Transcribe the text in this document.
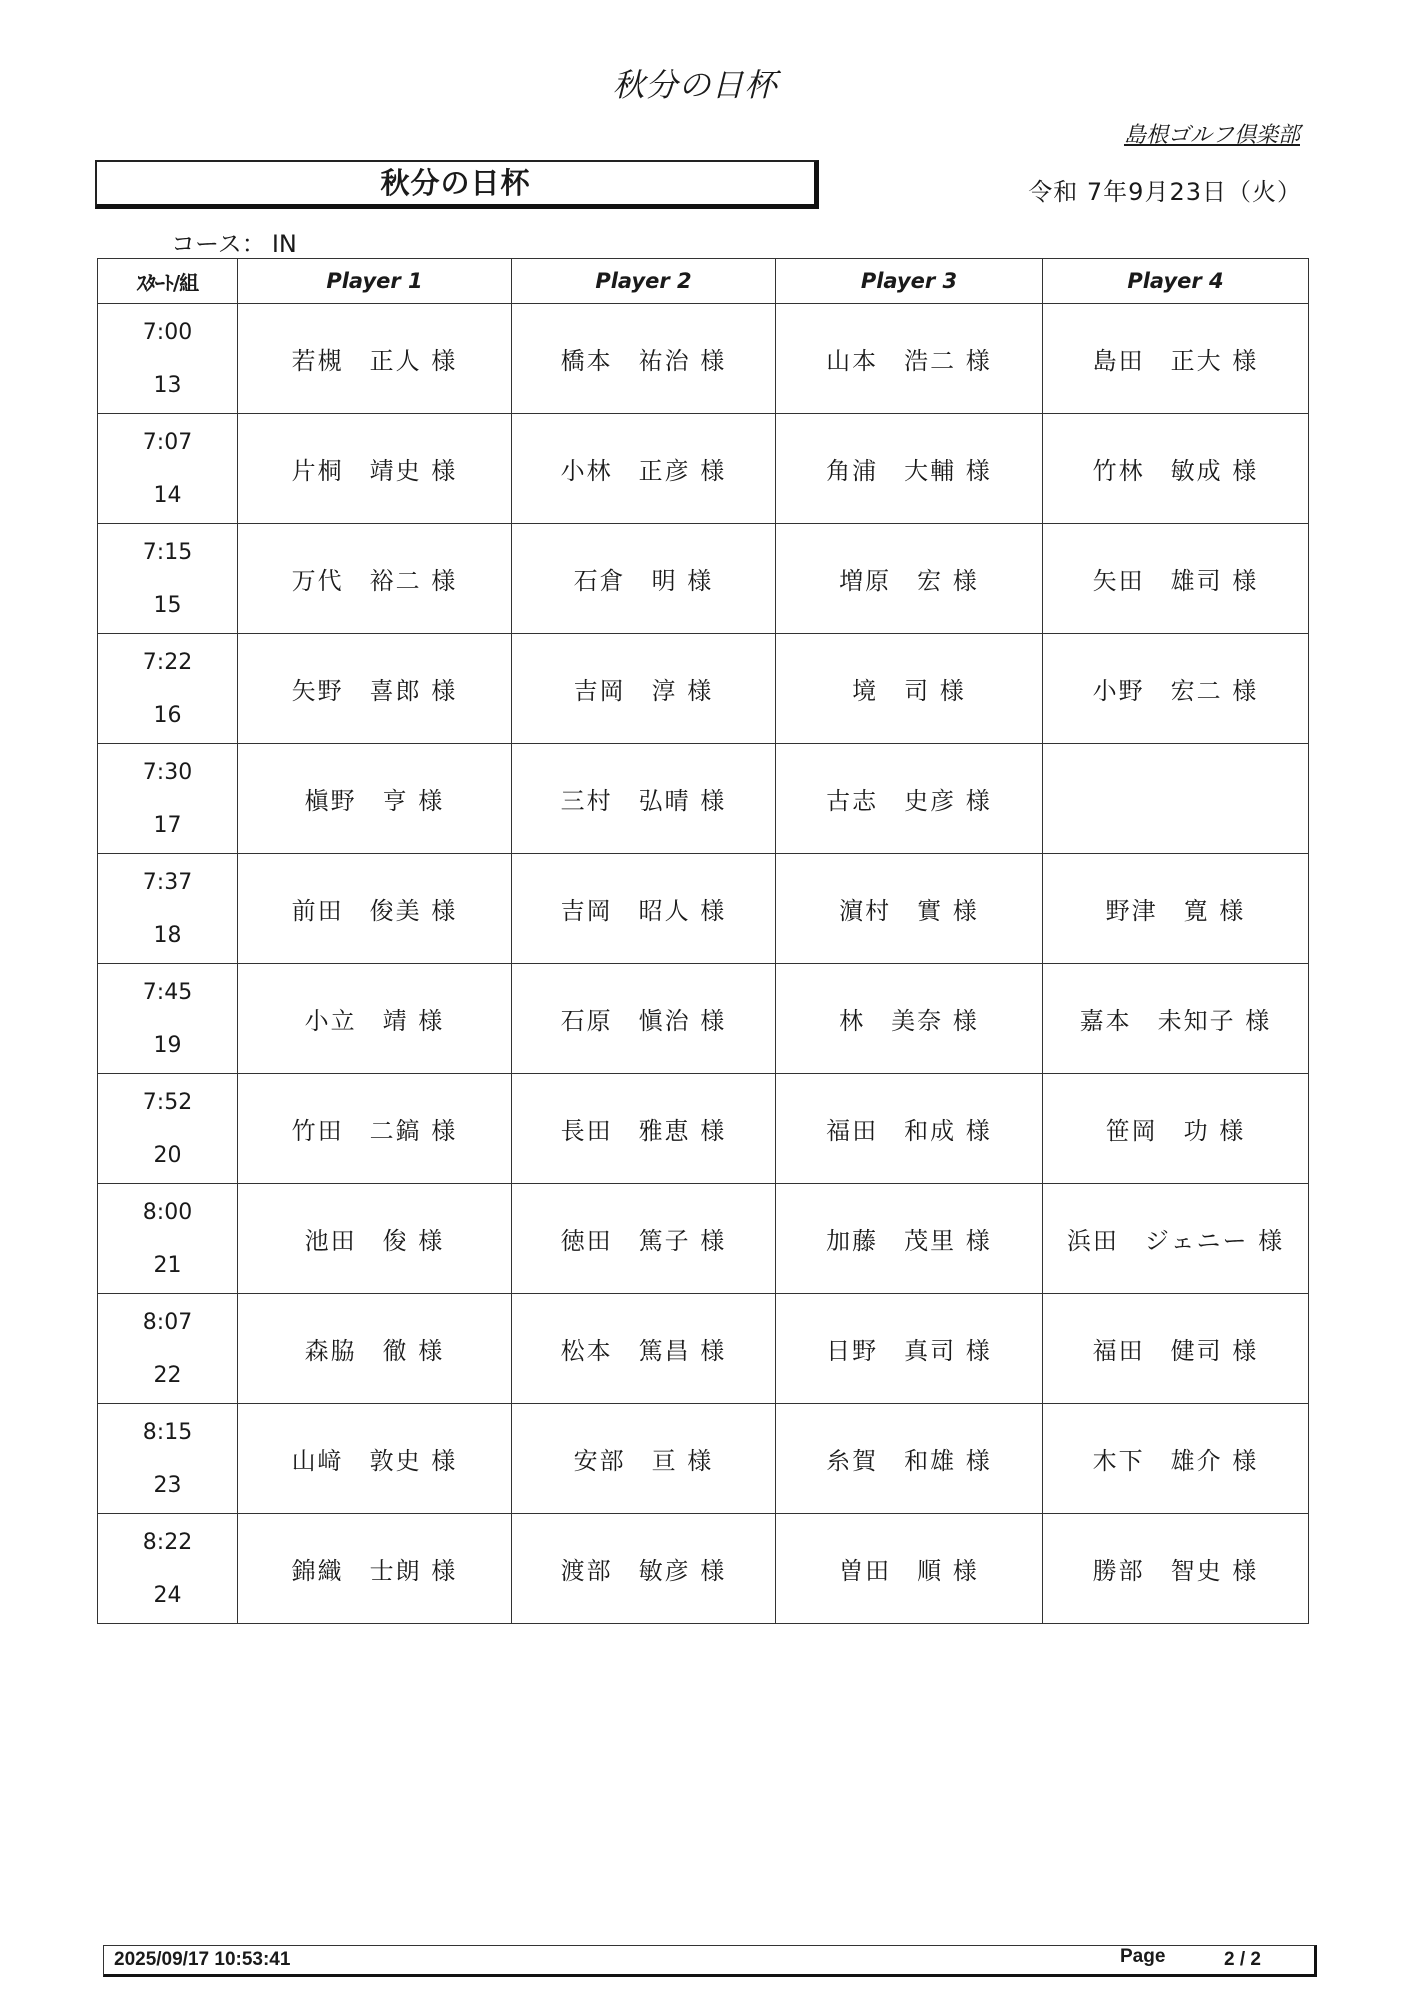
秋分の日杯
島根ゴルフ倶楽部
秋分の日杯	令和 7年9月23日（火）
コース： IN
ｽﾀｰﾄ/組	Player 1	Player 2	Player 3	Player 4

7:00
13	若槻　正人 様	橋本　祐治 様	山本　浩二 様	島田　正大 様

7:07
14	片桐　靖史 様	小林　正彦 様	角浦　大輔 様	竹林　敏成 様

7:15
15	万代　裕二 様	石倉　明 様	増原　宏 様	矢田　雄司 様

7:22
16	矢野　喜郎 様	吉岡　淳 様	境　司 様	小野　宏二 様

7:30
17	槇野　亨 様	三村　弘晴 様	古志　史彦 様	

7:37
18	前田　俊美 様	吉岡　昭人 様	濵村　實 様	野津　寛 様

7:45
19	小立　靖 様	石原　愼治 様	林　美奈 様	嘉本　未知子 様

7:52
20	竹田　二鎬 様	長田　雅恵 様	福田　和成 様	笹岡　功 様

8:00
21	池田　俊 様	徳田　篤子 様	加藤　茂里 様	浜田　ジェニー 様

8:07
22	森脇　徹 様	松本　篤昌 様	日野　真司 様	福田　健司 様

8:15
23	山﨑　敦史 様	安部　亘 様	糸賀　和雄 様	木下　雄介 様

8:22
24	錦織　士朗 様	渡部　敏彦 様	曽田　順 様	勝部　智史 様
2025/09/17 10:53:41	Page	2 / 2
